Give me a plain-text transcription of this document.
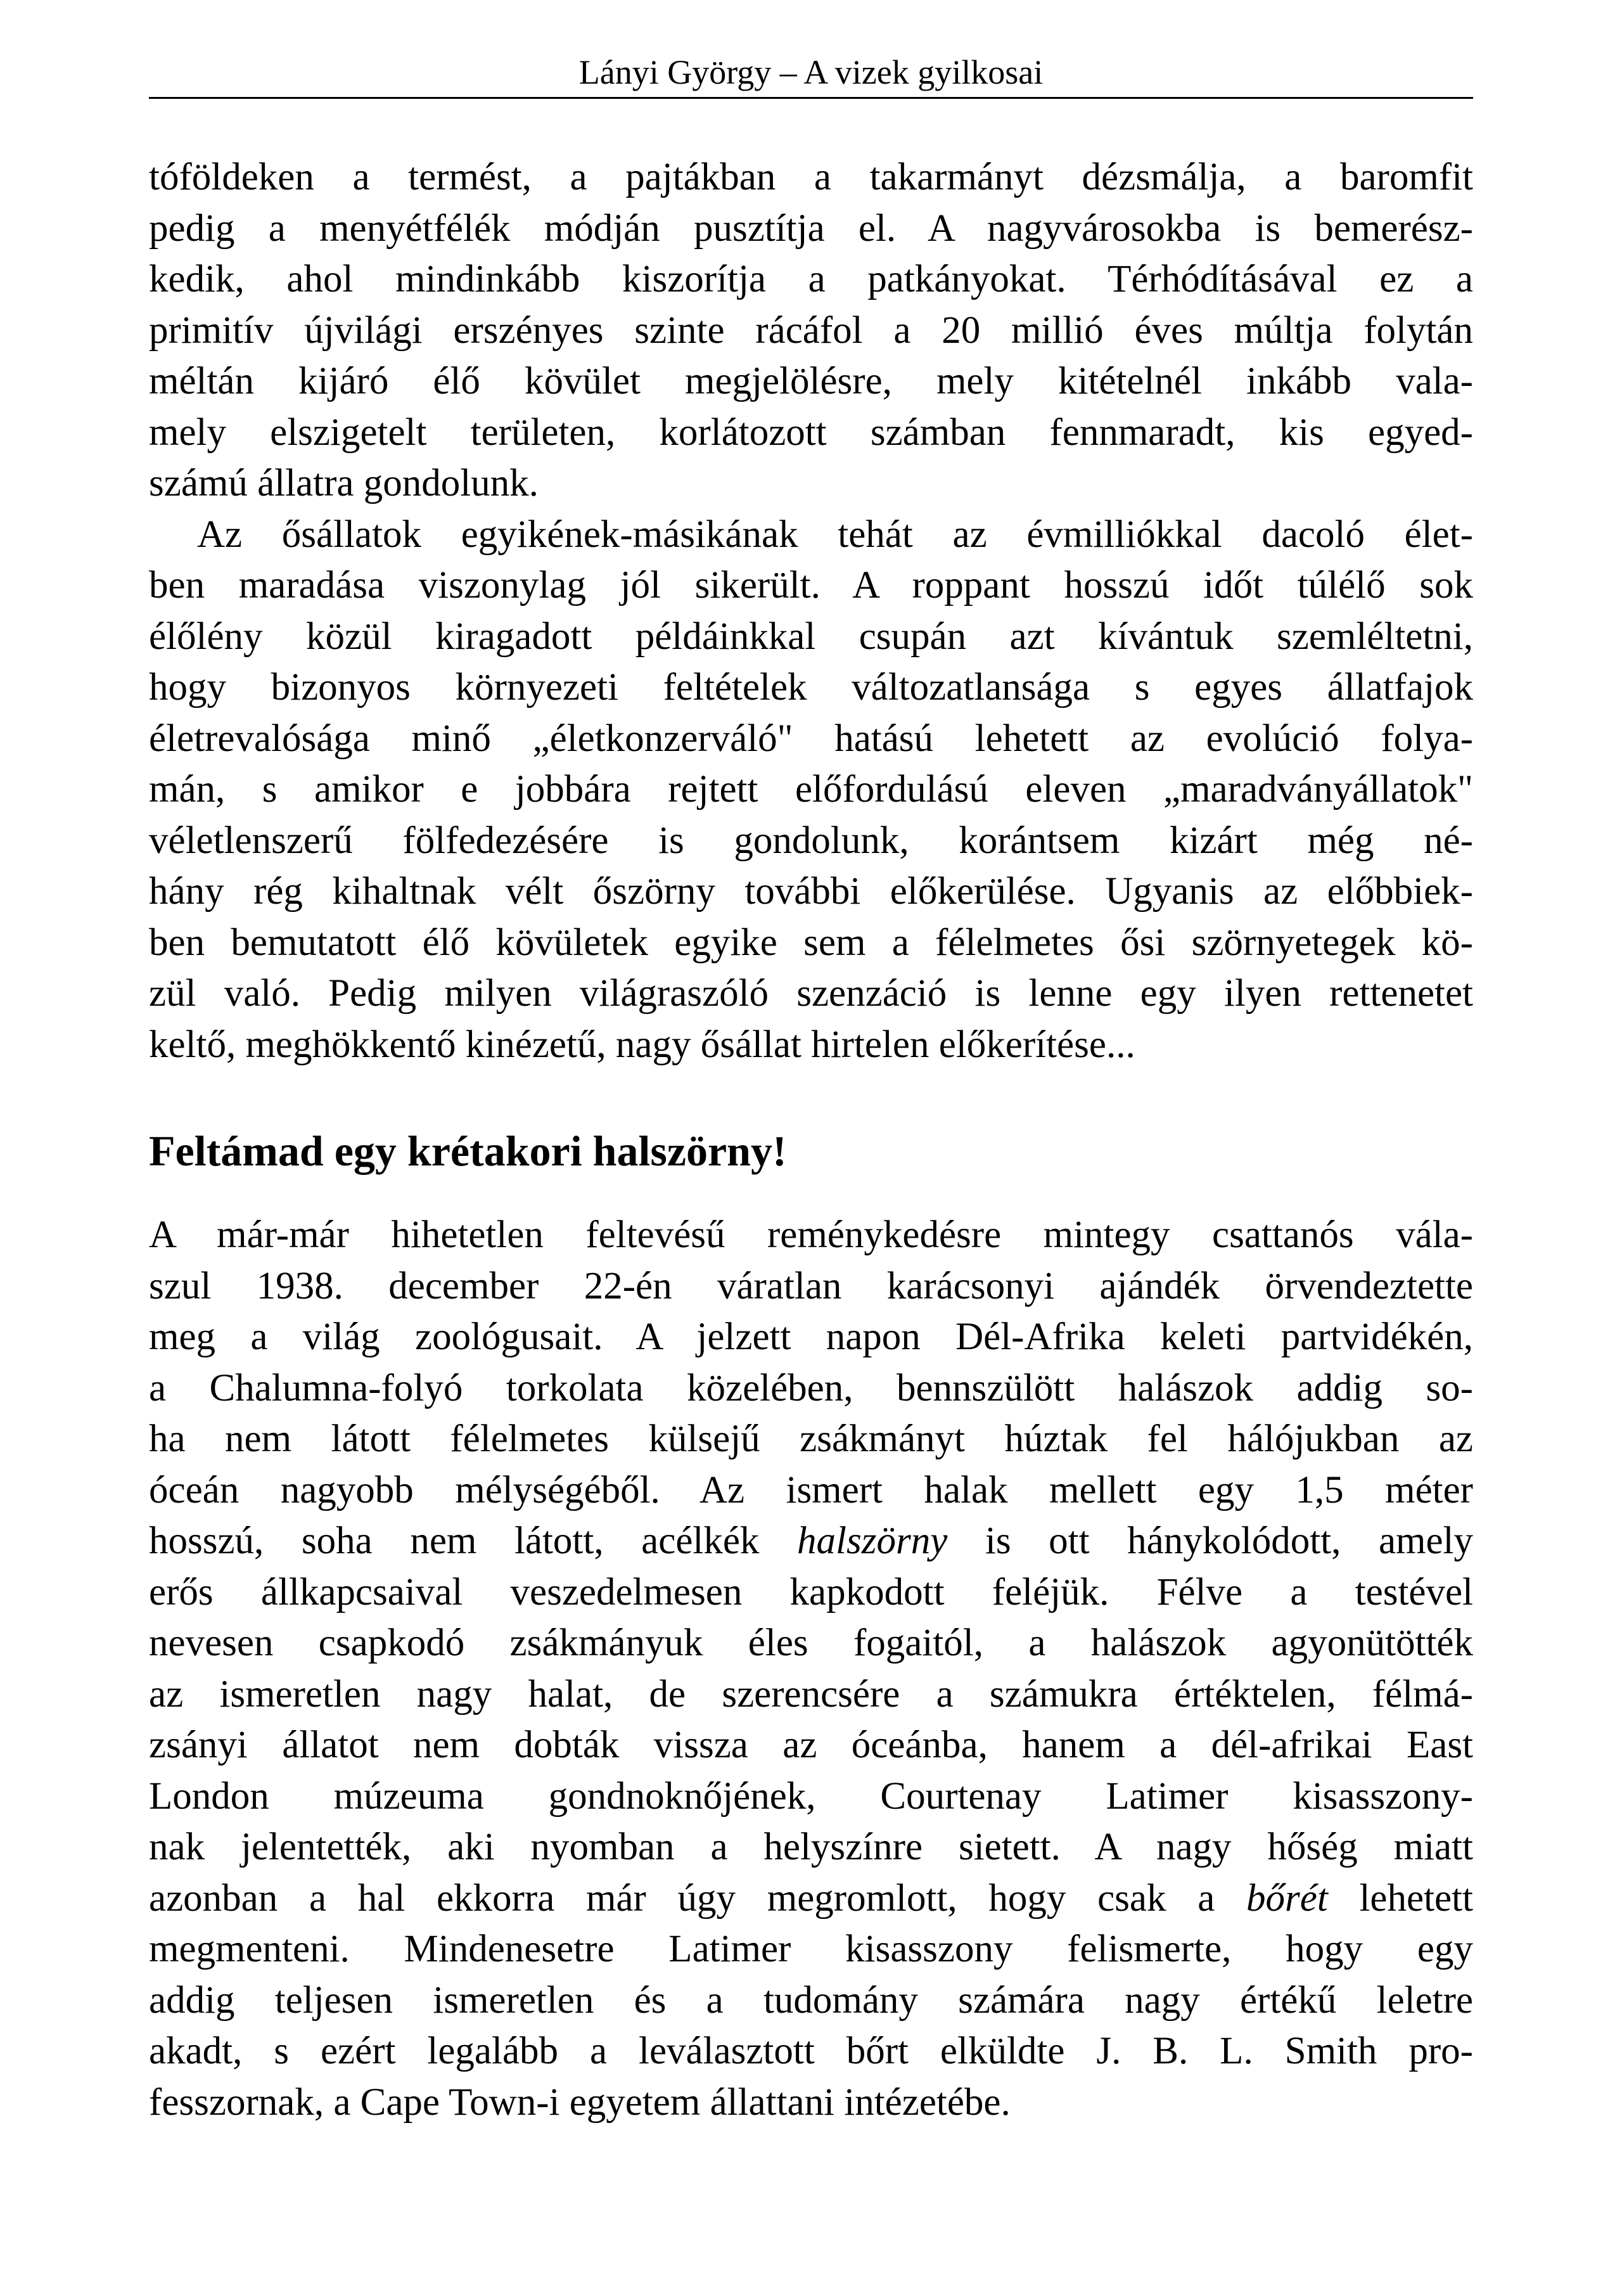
Lányi György – A vizek gyilkosai
tóföldeken a termést, a pajtákban a takarmányt dézsmálja, a baromfit
pedig a menyétfélék módján pusztítja el. A nagyvárosokba is bemerész-
kedik, ahol mindinkább kiszorítja a patkányokat. Térhódításával ez a
primitív újvilági erszényes szinte rácáfol a 20 millió éves múltja folytán
méltán kijáró élő kövület megjelölésre, mely kitételnél inkább vala-
mely elszigetelt területen, korlátozott számban fennmaradt, kis egyed-
számú állatra gondolunk.
Az ősállatok egyikének-másikának tehát az évmilliókkal dacoló élet-
ben maradása viszonylag jól sikerült. A roppant hosszú időt túlélő sok
élőlény közül kiragadott példáinkkal csupán azt kívántuk szemléltetni,
hogy bizonyos környezeti feltételek változatlansága s egyes állatfajok
életrevalósága minő „életkonzerváló" hatású lehetett az evolúció folya-
mán, s amikor e jobbára rejtett előfordulású eleven „maradványállatok"
véletlenszerű fölfedezésére is gondolunk, korántsem kizárt még né-
hány rég kihaltnak vélt őszörny további előkerülése. Ugyanis az előbbiek-
ben bemutatott élő kövületek egyike sem a félelmetes ősi szörnyetegek kö-
zül való. Pedig milyen világraszóló szenzáció is lenne egy ilyen rettenetet
keltő, meghökkentő kinézetű, nagy ősállat hirtelen előkerítése...
Feltámad egy krétakori halszörny!
A már-már hihetetlen feltevésű reménykedésre mintegy csattanós vála-
szul 1938. december 22-én váratlan karácsonyi ajándék örvendeztette
meg a világ zoológusait. A jelzett napon Dél-Afrika keleti partvidékén,
a Chalumna-folyó torkolata közelében, bennszülött halászok addig so-
ha nem látott félelmetes külsejű zsákmányt húztak fel hálójukban az
óceán nagyobb mélységéből. Az ismert halak mellett egy 1,5 méter
hosszú, soha nem látott, acélkék halszörny is ott hánykolódott, amely
erős állkapcsaival veszedelmesen kapkodott feléjük. Félve a testével
nevesen csapkodó zsákmányuk éles fogaitól, a halászok agyonütötték
az ismeretlen nagy halat, de szerencsére a számukra értéktelen, félmá-
zsányi állatot nem dobták vissza az óceánba, hanem a dél-afrikai East
London múzeuma gondnoknőjének, Courtenay Latimer kisasszony-
nak jelentették, aki nyomban a helyszínre sietett. A nagy hőség miatt
azonban a hal ekkorra már úgy megromlott, hogy csak a bőrét lehetett
megmenteni. Mindenesetre Latimer kisasszony felismerte, hogy egy
addig teljesen ismeretlen és a tudomány számára nagy értékű leletre
akadt, s ezért legalább a leválasztott bőrt elküldte J. B. L. Smith pro-
fesszornak, a Cape Town-i egyetem állattani intézetébe.
